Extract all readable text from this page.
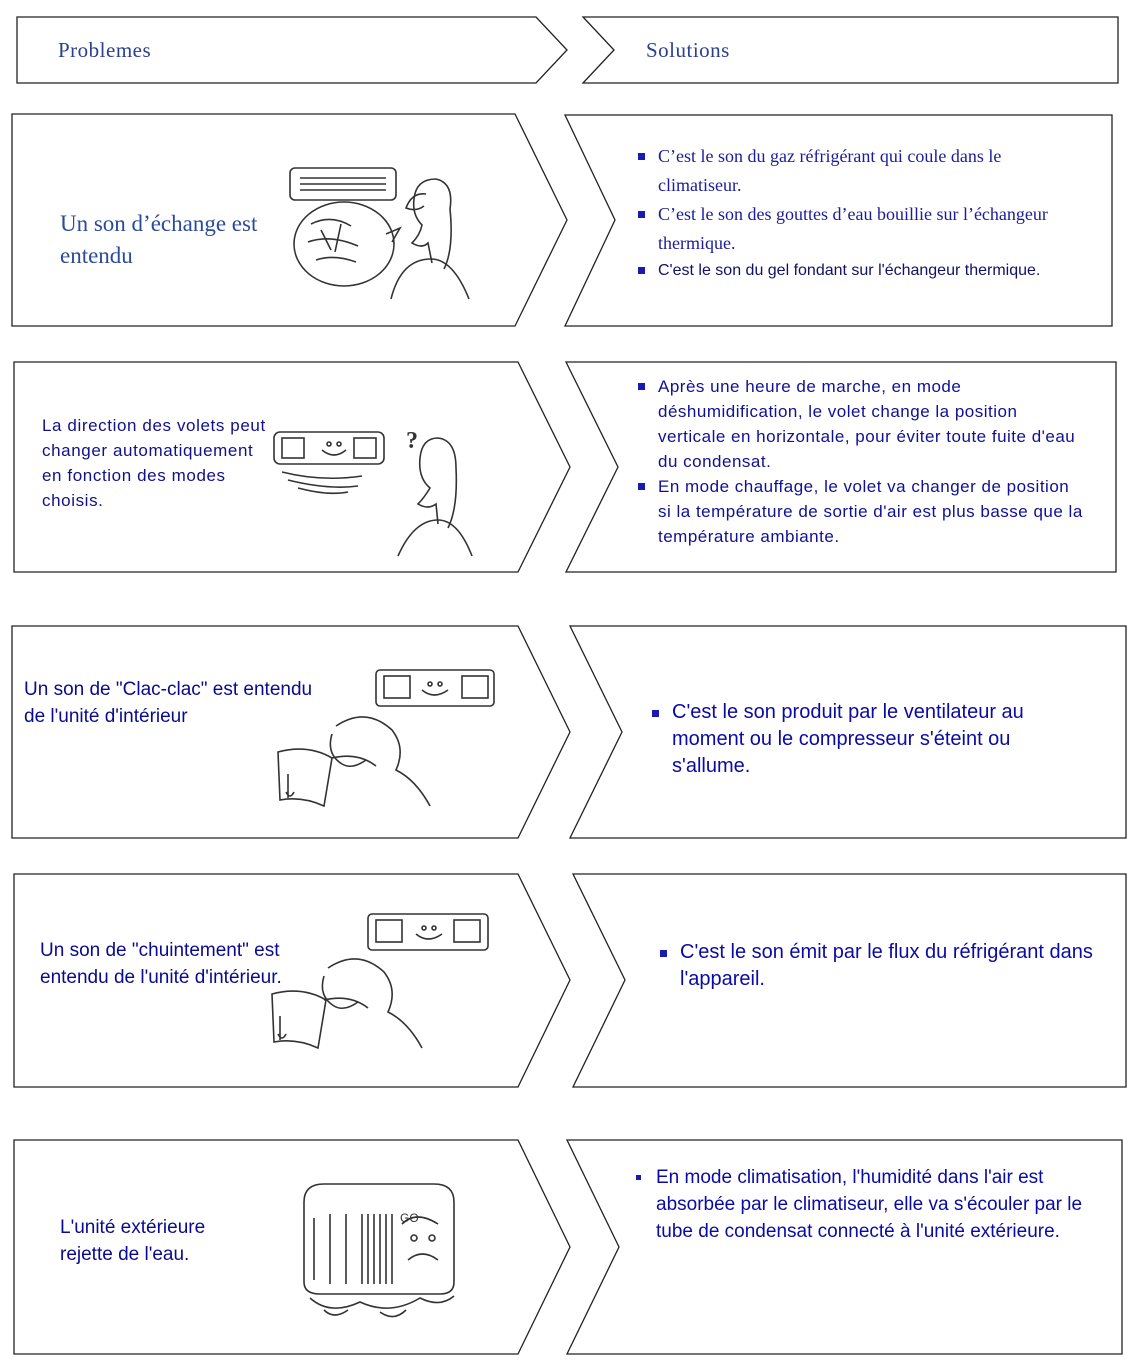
Problemes	Solutions
Un son d’échange est entendu
C’est le son du gaz réfrigérant qui coule dans le climatiseur.
C’est le son des gouttes d’eau bouillie sur l’échangeur thermique.
C'est le son du gel fondant sur l'échangeur thermique.
La direction des volets peut changer automatiquement en fonction des modes choisis.
?
Après une heure de marche, en mode déshumidification, le volet change la position verticale en horizontale, pour éviter toute fuite d'eau du condensat.
En mode chauffage, le volet va changer de position si la température de sortie d'air est plus basse que la température ambiante.
Un son de "Clac-clac" est entendu de l'unité d'intérieur	C'est le son produit par le ventilateur au moment ou le compresseur s'éteint ou s'allume.
Un son de "chuintement" est entendu de l'unité d'intérieur.
C'est le son émit par le flux du réfrigérant dans l'appareil.
L'unité extérieure rejette de l'eau.
GO
En mode climatisation, l'humidité dans l'air est absorbée par le climatiseur, elle va s'écouler par le tube de condensat connecté à l'unité extérieure.
